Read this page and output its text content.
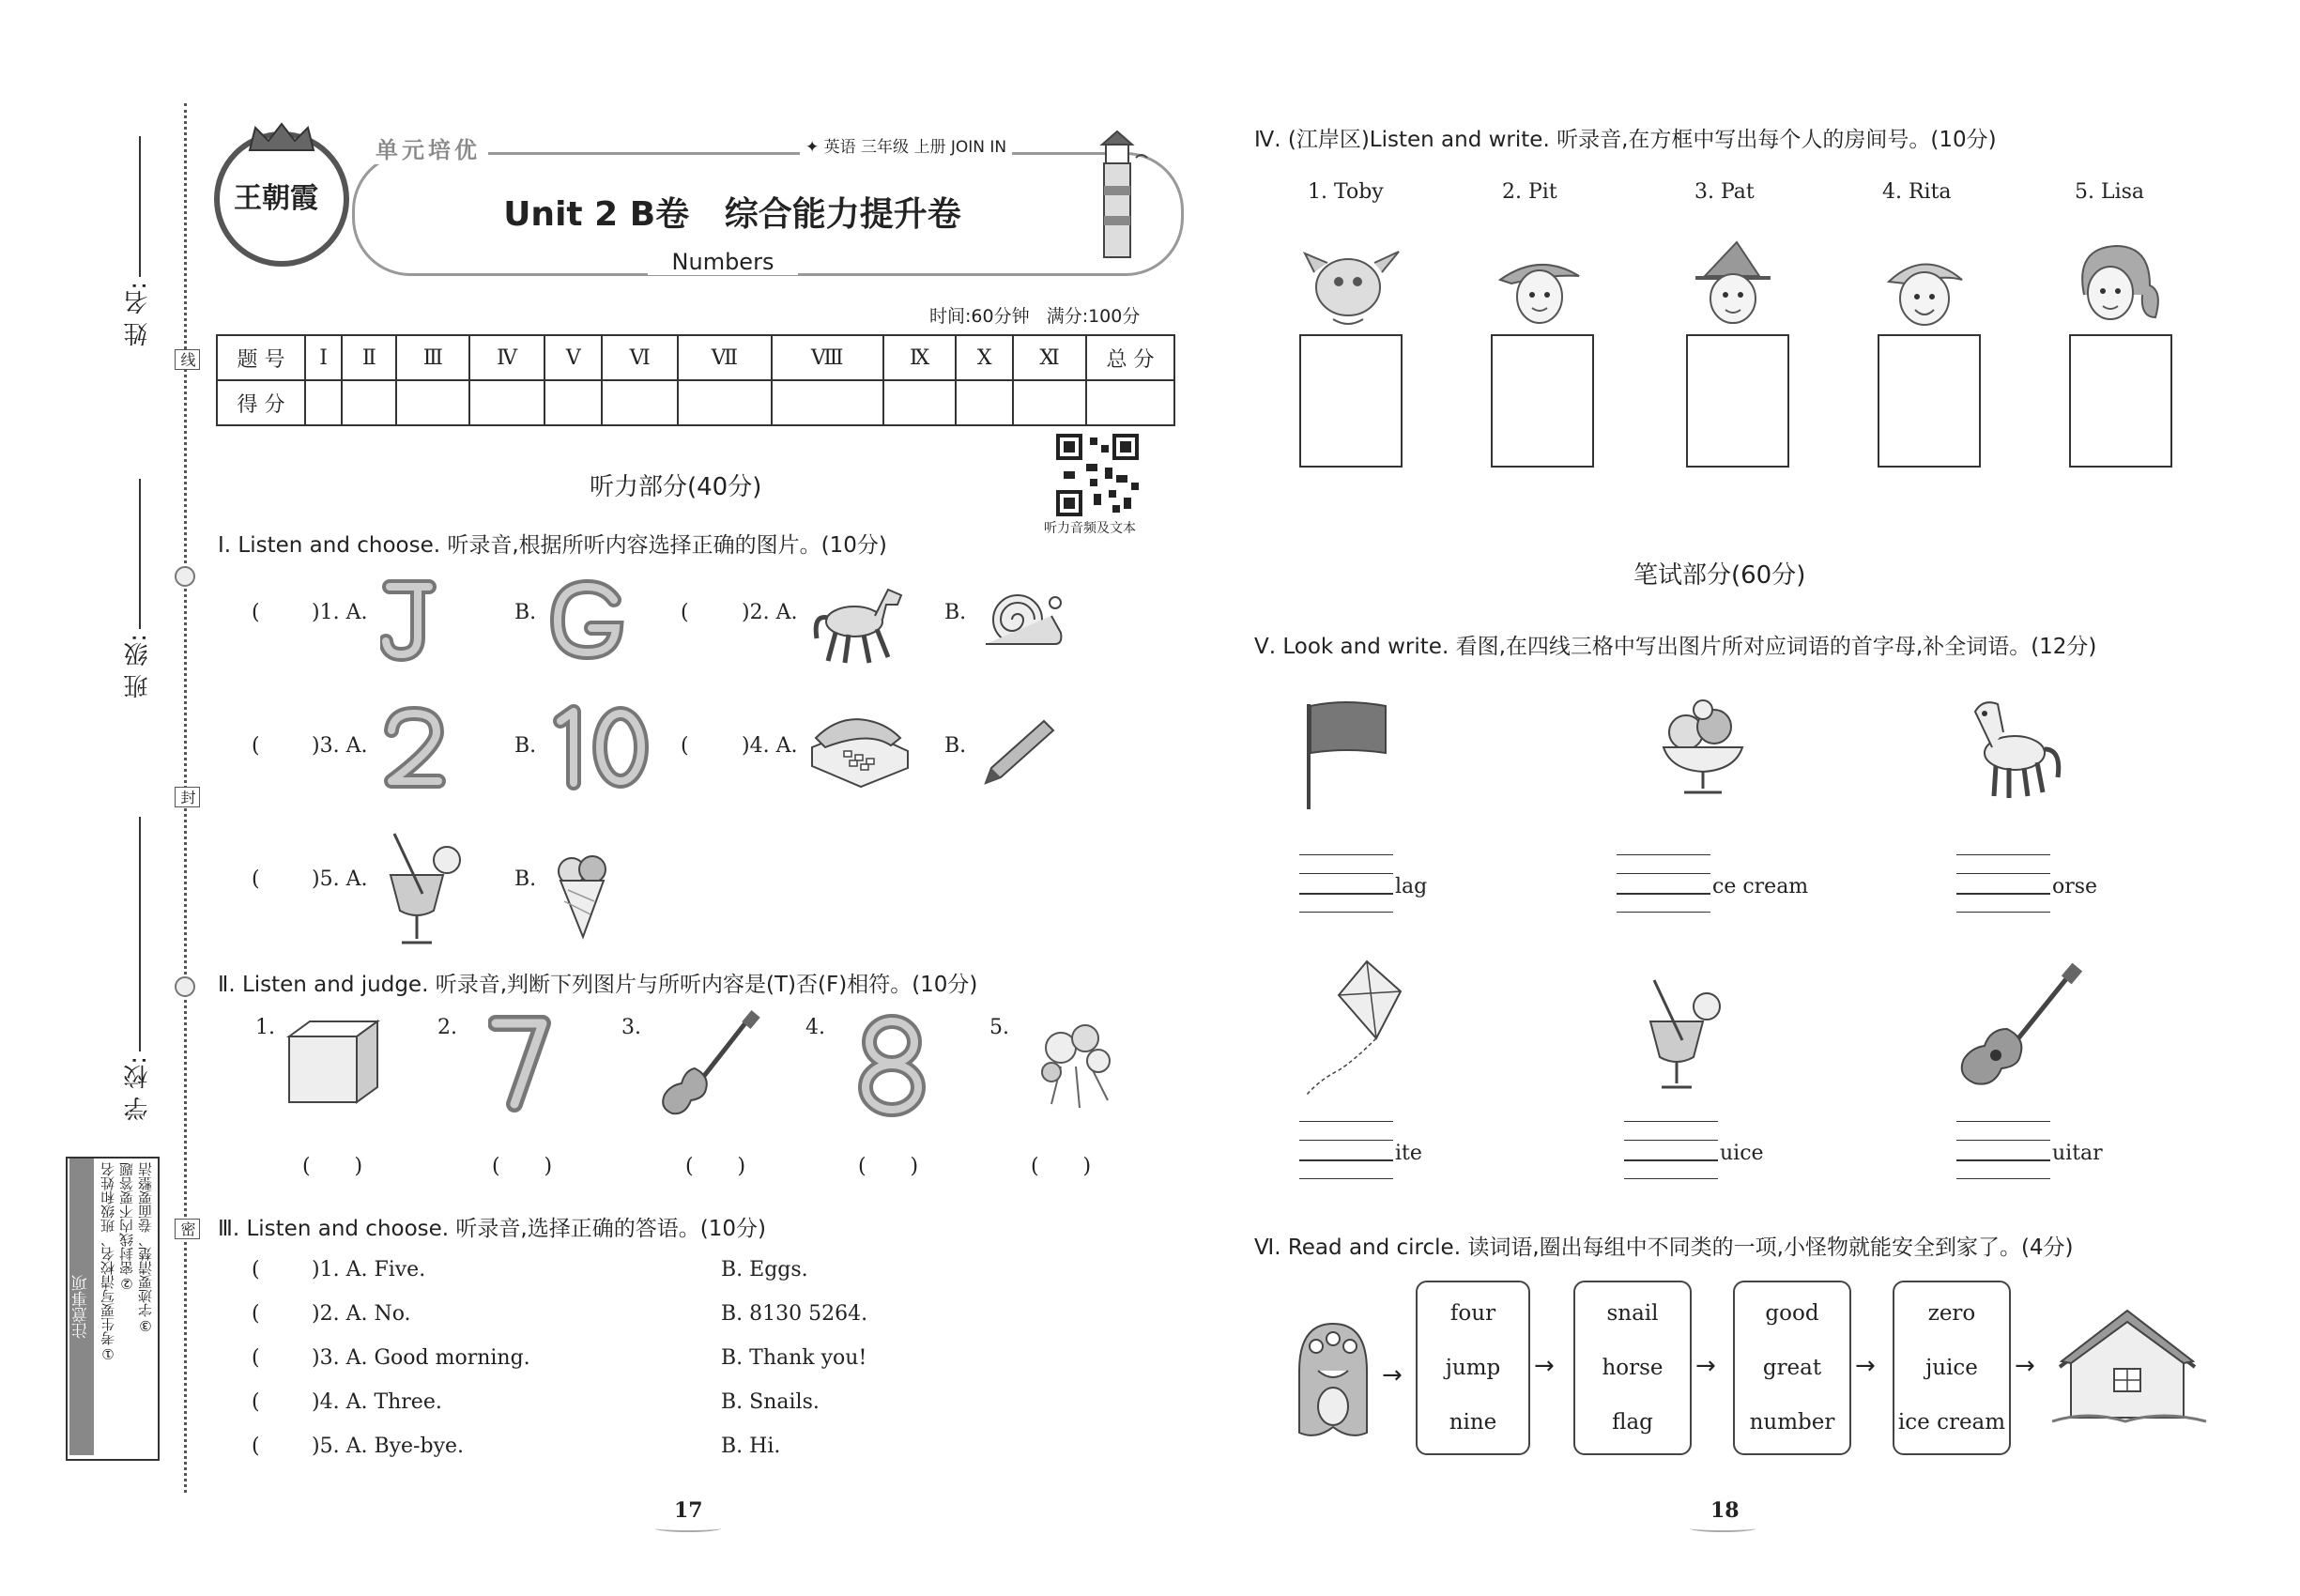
线
封
密
姓 名:
班 级:
学 校:
注意事项 ①考生要写清校名、班级和姓名 ②密封线内不要答题 ③字迹要清楚、卷面要整洁
王朝霞
单元培优	✦ 英语 三年级 上册 JOIN IN
Unit 2 B卷   综合能力提升卷
Numbers
时间:60分钟   满分:100分
题 号	Ⅰ	Ⅱ	Ⅲ	Ⅳ	Ⅴ	Ⅵ	Ⅶ	Ⅷ	Ⅸ	Ⅹ	Ⅺ	总 分
得 分												
听力音频及文本
听力部分(40分)
Ⅰ. Listen and choose. 听录音,根据所听内容选择正确的图片。(10分)
( )1. A.	B.	( )2. A.	B.
( )3. A.	B.	( )4. A.	B.
( )5. A.	B.
Ⅱ. Listen and judge. 听录音,判断下列图片与所听内容是(T)否(F)相符。(10分)
1.
(     )
2.
(     )
3.
(     )
4.
(     )
5.
(     )
Ⅲ. Listen and choose. 听录音,选择正确的答语。(10分)
( )1. A. Five.	B. Eggs.
( )2. A. No.	B. 8130 5264.
( )3. A. Good morning.	B. Thank you!
( )4. A. Three.	B. Snails.
( )5. A. Bye-bye.	B. Hi.
17
Ⅳ. (江岸区)Listen and write. 听录音,在方框中写出每个人的房间号。(10分)
1. Toby	2. Pit	3. Pat	4. Rita	5. Lisa
笔试部分(60分)
Ⅴ. Look and write. 看图,在四线三格中写出图片所对应词语的首字母,补全词语。(12分)
lag	ce cream	orse
ite	uice	uitar
Ⅵ. Read and circle. 读词语,圈出每组中不同类的一项,小怪物就能安全到家了。(4分)
→
four
jump
nine
→
snail
horse
flag
→
good
great
number
→
zero
juice
ice cream
→
18
